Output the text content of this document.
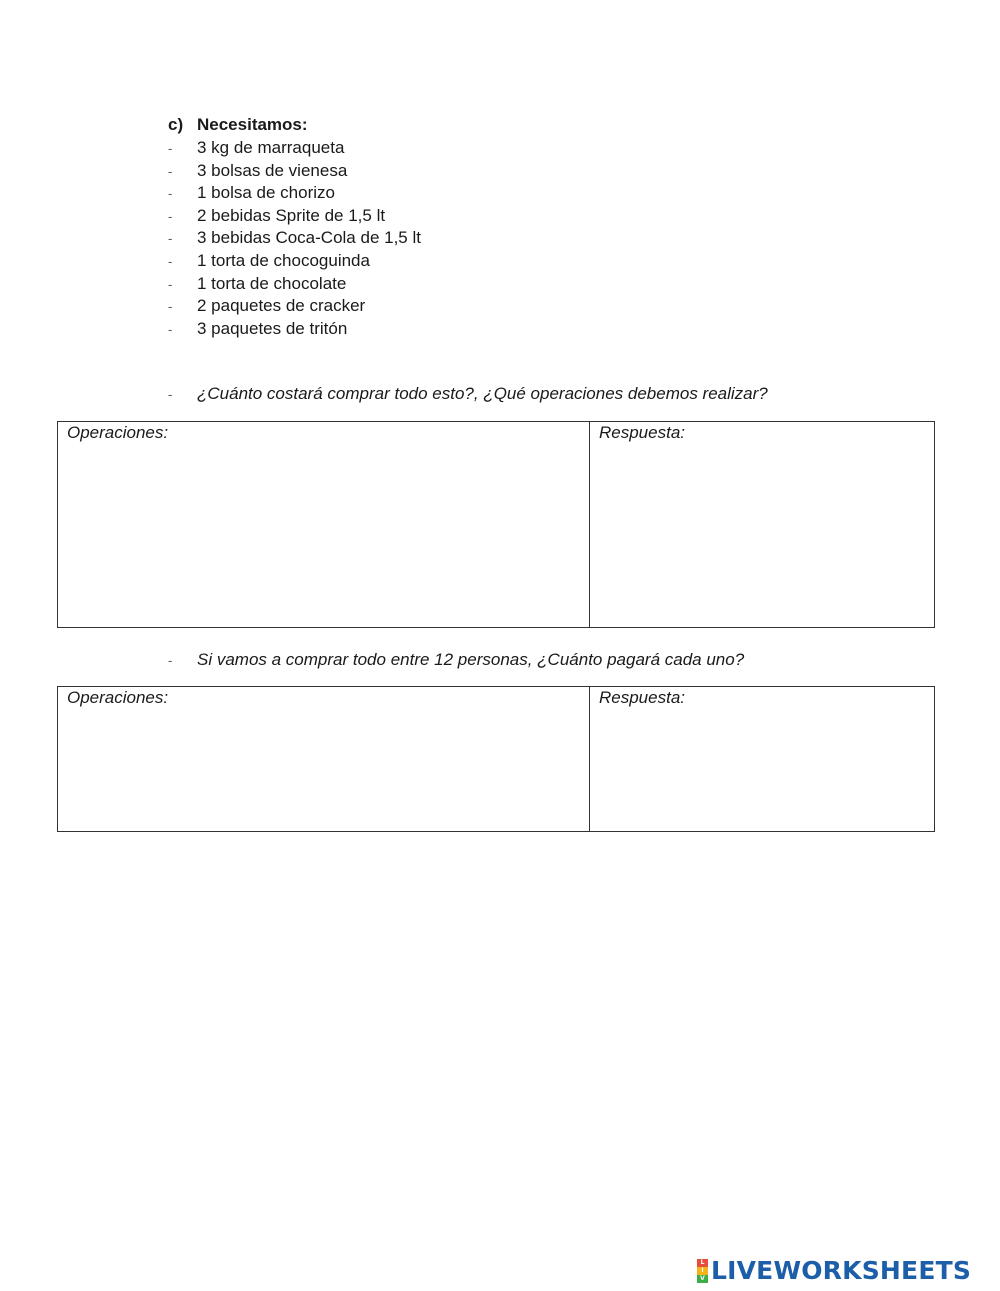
c) Necesitamos:
- 3 kg de marraqueta
- 3 bolsas de vienesa
- 1 bolsa de chorizo
- 2 bebidas Sprite de 1,5 lt
- 3 bebidas Coca-Cola de 1,5 lt
- 1 torta de chocoguinda
- 1 torta de chocolate
- 2 paquetes de cracker
- 3 paquetes de tritón
- ¿Cuánto costará comprar todo esto?, ¿Qué operaciones debemos realizar?
Operaciones:	Respuesta:
- Si vamos a comprar todo entre 12 personas, ¿Cuánto pagará cada uno?
Operaciones:	Respuesta:
L
I
V LIVEWORKSHEETS
